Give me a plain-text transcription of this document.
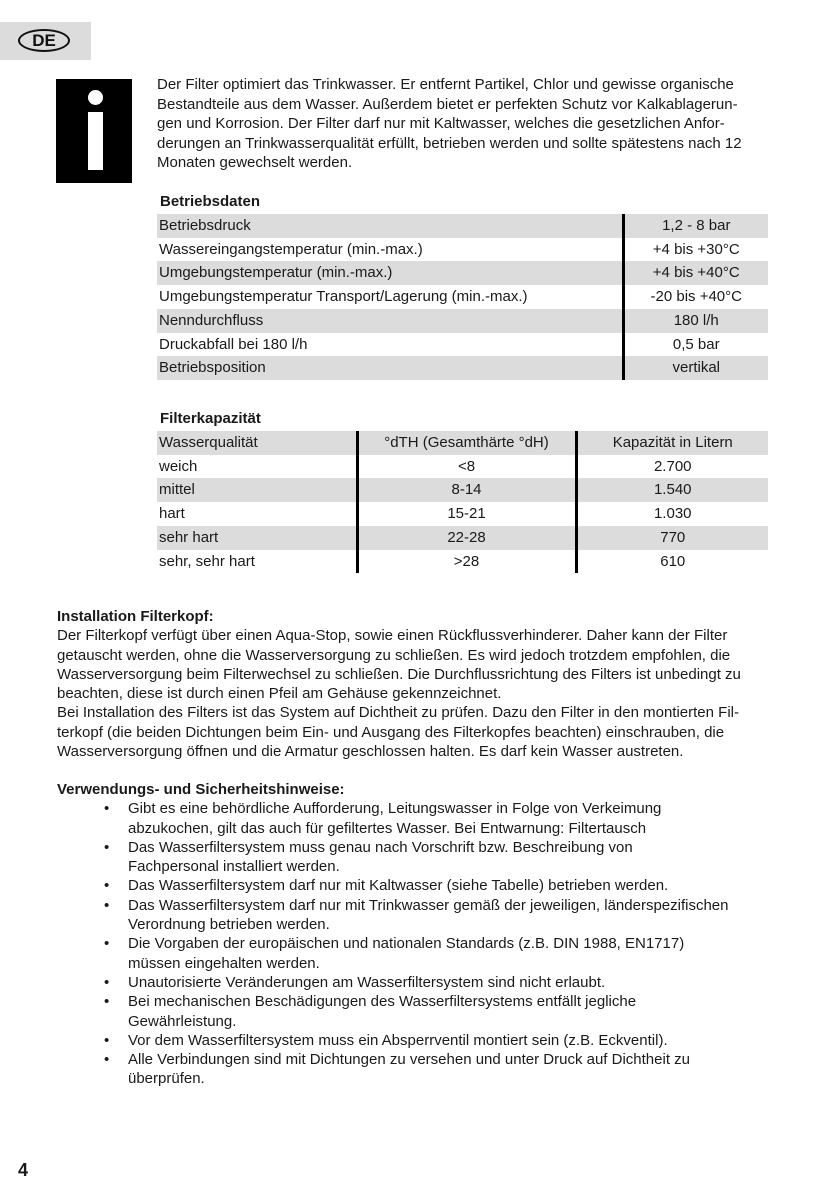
DE

Der Filter optimiert das Trinkwasser. Er entfernt Partikel, Chlor und gewisse organische
Bestandteile aus dem Wasser. Außerdem bietet er perfekten Schutz vor Kalkablagerun-
gen und Korrosion. Der Filter darf nur mit Kaltwasser, welches die gesetzlichen Anfor-
derungen an Trinkwasserqualität erfüllt, betrieben werden und sollte spätestens nach 12
Monaten gewechselt werden.

Betriebsdaten
Betriebsdruck	1,2 - 8 bar
Wassereingangstemperatur (min.-max.)	+4 bis +30°C
Umgebungstemperatur (min.-max.)	+4 bis +40°C
Umgebungstemperatur Transport/Lagerung (min.-max.)	-20 bis +40°C
Nenndurchfluss	180 l/h
Druckabfall bei 180 l/h	0,5 bar
Betriebsposition	vertikal
Filterkapazität
Wasserqualität	°dTH (Gesamthärte °dH)	Kapazität in Litern
weich	<8	2.700
mittel	8-14	1.540
hart	15-21	1.030
sehr hart	22-28	770
sehr, sehr hart	>28	610
Installation Filterkopf:
Der Filterkopf verfügt über einen Aqua-Stop, sowie einen Rückflussverhinderer. Daher kann der Filter
getauscht werden, ohne die Wasserversorgung zu schließen. Es wird jedoch trotzdem empfohlen, die
Wasserversorgung beim Filterwechsel zu schließen. Die Durchflussrichtung des Filters ist unbedingt zu
beachten, diese ist durch einen Pfeil am Gehäuse gekennzeichnet.
Bei Installation des Filters ist das System auf Dichtheit zu prüfen. Dazu den Filter in den montierten Fil-
terkopf (die beiden Dichtungen beim Ein- und Ausgang des Filterkopfes beachten) einschrauben, die
Wasserversorgung öffnen und die Armatur geschlossen halten. Es darf kein Wasser austreten.
Verwendungs- und Sicherheitshinweise:
• Gibt es eine behördliche Aufforderung, Leitungswasser in Folge von Verkeimung
abzukochen, gilt das auch für gefiltertes Wasser. Bei Entwarnung: Filtertausch
• Das Wasserfiltersystem muss genau nach Vorschrift bzw. Beschreibung von
Fachpersonal installiert werden.
• Das Wasserfiltersystem darf nur mit Kaltwasser (siehe Tabelle) betrieben werden.
• Das Wasserfiltersystem darf nur mit Trinkwasser gemäß der jeweiligen, länderspezifischen
Verordnung betrieben werden.
• Die Vorgaben der europäischen und nationalen Standards (z.B. DIN 1988, EN1717)
müssen eingehalten werden.
• Unautorisierte Veränderungen am Wasserfiltersystem sind nicht erlaubt.
• Bei mechanischen Beschädigungen des Wasserfiltersystems entfällt jegliche
Gewährleistung.
• Vor dem Wasserfiltersystem muss ein Absperrventil montiert sein (z.B. Eckventil).
• Alle Verbindungen sind mit Dichtungen zu versehen und unter Druck auf Dichtheit zu
überprüfen.
4
